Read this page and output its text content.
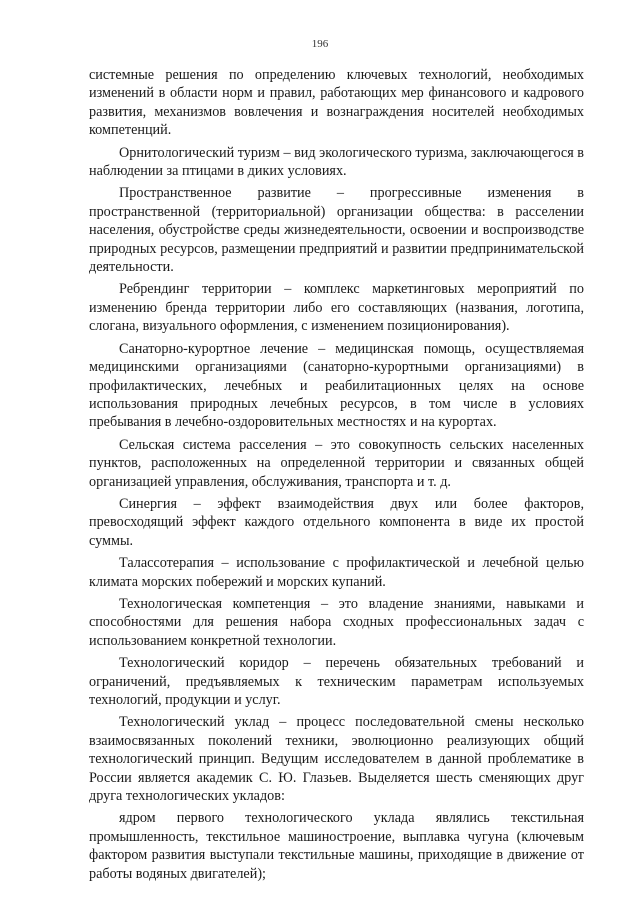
196

системные решения по определению ключевых технологий, необходимых изменений в области норм и правил, работающих мер финансового и кадрового развития, механизмов вовлечения и вознаграждения носителей необходимых компетенций.

Орнитологический туризм – вид экологического туризма, заключающегося в наблюдении за птицами в диких условиях.

Пространственное развитие – прогрессивные изменения в пространственной (территориальной) организации общества: в расселении населения, обустройстве среды жизнедеятельности, освоении и воспроизводстве природных ресурсов, размещении предприятий и развитии предпринимательской деятельности.

Ребрендинг территории – комплекс маркетинговых мероприятий по изменению бренда территории либо его составляющих (названия, логотипа, слогана, визуального оформления, с изменением позиционирования).

Санаторно-курортное лечение – медицинская помощь, осуществляемая медицинскими организациями (санаторно-курортными организациями) в профилактических, лечебных и реабилитационных целях на основе использования природных лечебных ресурсов, в том числе в условиях пребывания в лечебно-оздоровительных местностях и на курортах.

Сельская система расселения – это совокупность сельских населенных пунктов, расположенных на определенной территории и связанных общей организацией управления, обслуживания, транспорта и т. д.

Синергия – эффект взаимодействия двух или более факторов, превосходящий эффект каждого отдельного компонента в виде их простой суммы.

Талассотерапия – использование с профилактической и лечебной целью климата морских побережий и морских купаний.

Технологическая компетенция – это владение знаниями, навыками и способностями для решения набора сходных профессиональных задач с использованием конкретной технологии.

Технологический коридор – перечень обязательных требований и ограничений, предъявляемых к техническим параметрам используемых технологий, продукции и услуг.

Технологический уклад – процесс последовательной смены несколько взаимосвязанных поколений техники, эволюционно реализующих общий технологический принцип. Ведущим исследователем в данной проблематике в России является академик С. Ю. Глазьев. Выделяется шесть сменяющих друг друга технологических укладов:

ядром первого технологического уклада являлись текстильная промышленность, текстильное машиностроение, выплавка чугуна (ключевым фактором развития выступали текстильные машины, приходящие в движение от работы водяных двигателей);
